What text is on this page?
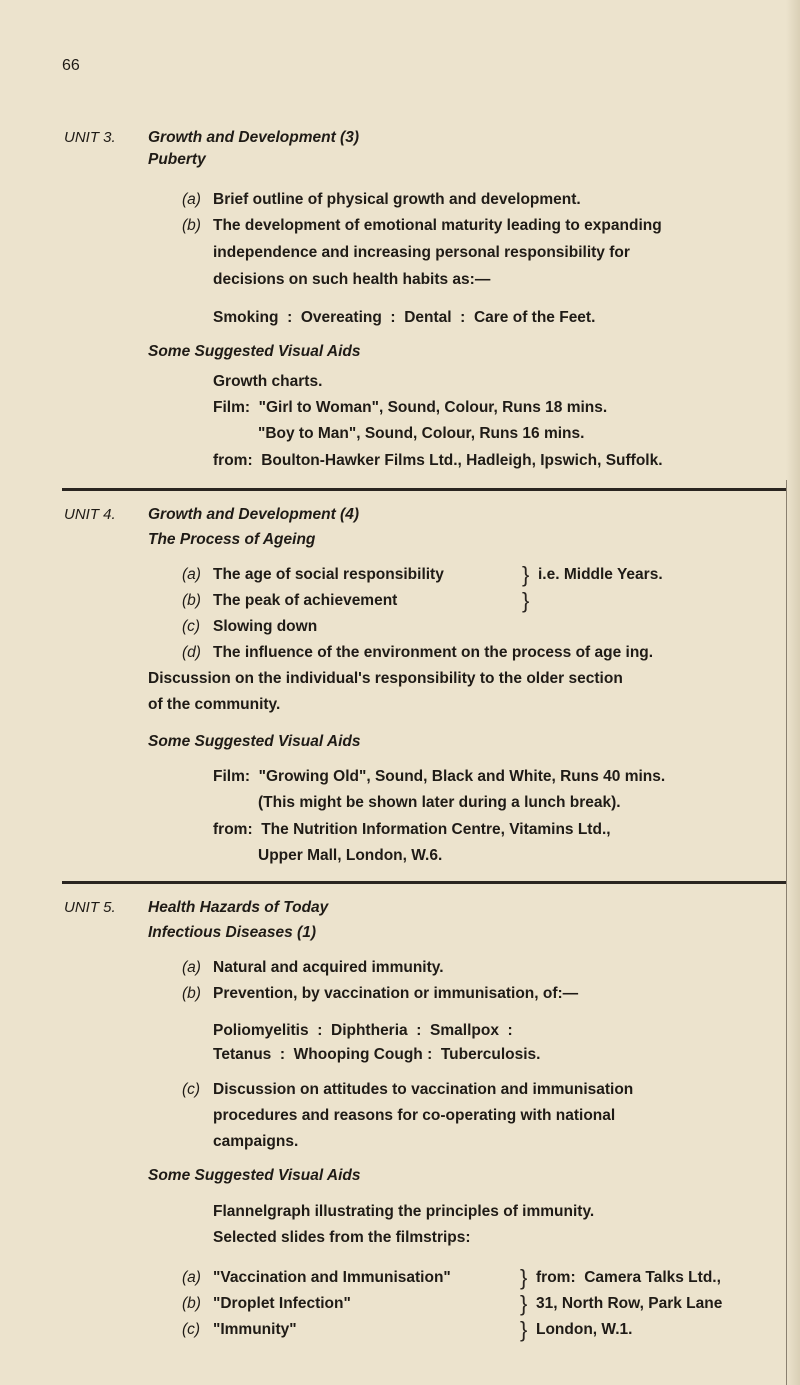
66
UNIT 3. Growth and Development (3)
Puberty
(a) Brief outline of physical growth and development.
(b) The development of emotional maturity leading to expanding
independence and increasing personal responsibility for
decisions on such health habits as:—
Smoking  :  Overeating  :  Dental  :  Care of the Feet.
Some Suggested Visual Aids
Growth charts.
Film:  "Girl to Woman", Sound, Colour, Runs 18 mins.
"Boy to Man", Sound, Colour, Runs 16 mins.
from:  Boulton-Hawker Films Ltd., Hadleigh, Ipswich, Suffolk.
UNIT 4. Growth and Development (4)
The Process of Ageing
(a) The age of social responsibility	} i.e. Middle Years.
(b) The peak of achievement	}
(c) Slowing down
(d) The influence of the environment on the process of age ing.
Discussion on the individual's responsibility to the older section
of the community.
Some Suggested Visual Aids
Film:  "Growing Old", Sound, Black and White, Runs 40 mins.
(This might be shown later during a lunch break).
from:  The Nutrition Information Centre, Vitamins Ltd.,
Upper Mall, London, W.6.
UNIT 5. Health Hazards of Today
Infectious Diseases (1)
(a) Natural and acquired immunity.
(b) Prevention, by vaccination or immunisation, of:—
Poliomyelitis  :  Diphtheria  :  Smallpox  :
Tetanus  :  Whooping Cough :  Tuberculosis.
(c) Discussion on attitudes to vaccination and immunisation
procedures and reasons for co-operating with national
campaigns.
Some Suggested Visual Aids
Flannelgraph illustrating the principles of immunity.
Selected slides from the filmstrips:
(a) "Vaccination and Immunisation"
(b) "Droplet Infection"
(c) "Immunity"
}
}
}
from:  Camera Talks Ltd.,
31, North Row, Park Lane
London, W.1.
